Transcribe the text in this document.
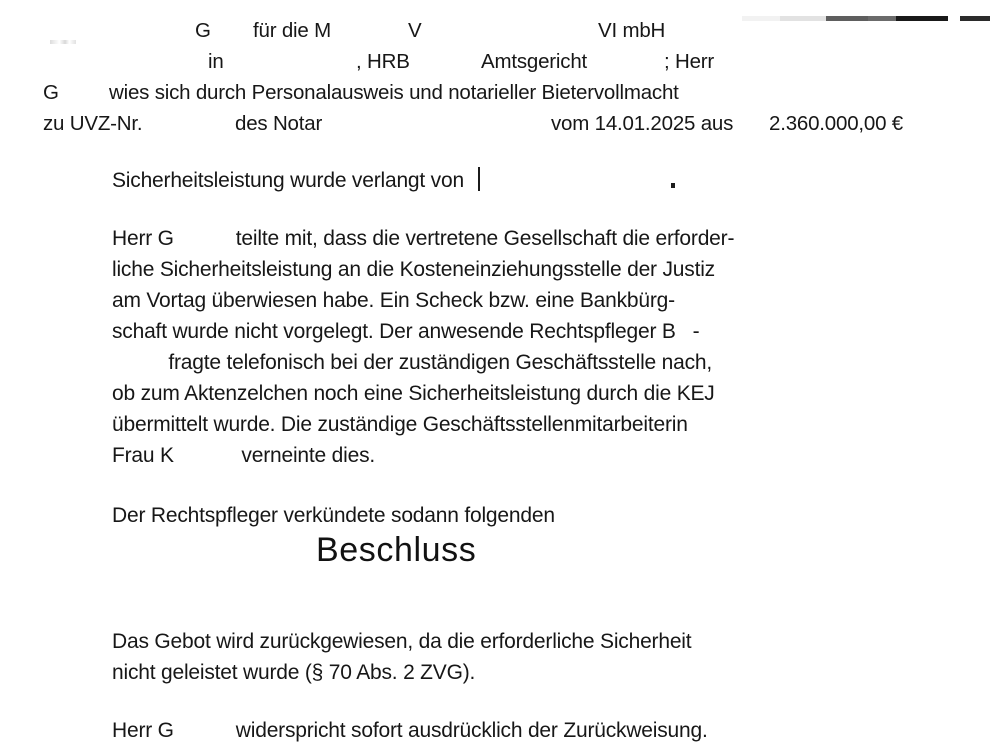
G für die M	V	VI mbH
in	, HRB	Amtsgericht	; Herr
G wies sich durch Personalausweis und notarieller Bietervollmacht
zu UVZ-Nr.	des Notar	vom 14.01.2025 aus 2.360.000,00 €
Sicherheitsleistung wurde verlangt von
Herr G           teilte mit, dass die vertretene Gesellschaft die erforder-
liche Sicherheitsleistung an die Kosteneinziehungsstelle der Justiz
am Vortag überwiesen habe. Ein Scheck bzw. eine Bankbürg-
schaft wurde nicht vorgelegt. Der anwesende Rechtspfleger B   -
fragte telefonisch bei der zuständigen Geschäftsstelle nach,
ob zum Aktenzelchen noch eine Sicherheitsleistung durch die KEJ
übermittelt wurde. Die zuständige Geschäftsstellenmitarbeiterin
Frau K            verneinte dies.
Der Rechtspfleger verkündete sodann folgenden
Beschluss
Das Gebot wird zurückgewiesen, da die erforderliche Sicherheit
nicht geleistet wurde (§ 70 Abs. 2 ZVG).
Herr G           widerspricht sofort ausdrücklich der Zurückweisung.
